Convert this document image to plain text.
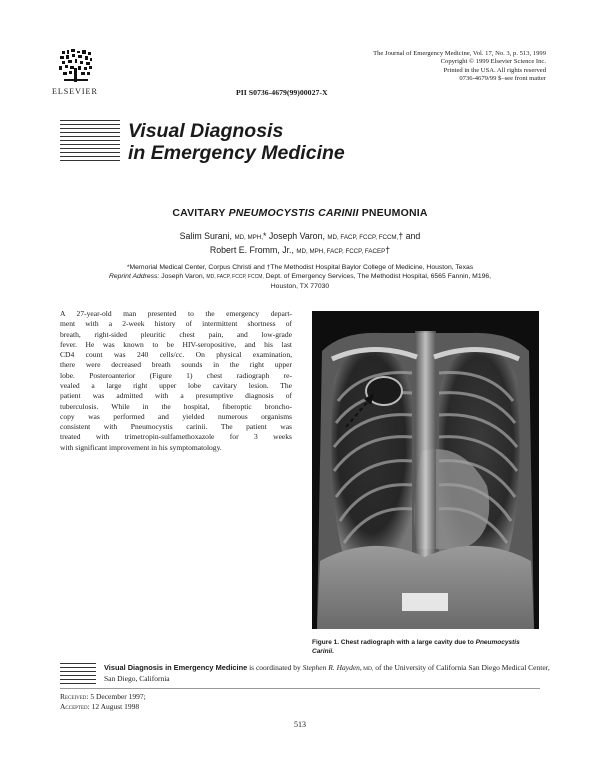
ELSEVIER
The Journal of Emergency Medicine, Vol. 17, No. 3, p. 513, 1999
Copyright © 1999 Elsevier Science Inc.
Printed in the USA. All rights reserved
0736-4679/99 $–see front matter
PII S0736-4679(99)00027-X
Visual Diagnosis
in Emergency Medicine
CAVITARY PNEUMOCYSTIS CARINII PNEUMONIA
Salim Surani, MD, MPH,* Joseph Varon, MD, FACP, FCCP, FCCM,† and
Robert E. Fromm, Jr., MD, MPH, FACP, FCCP, FACEP†
*Memorial Medical Center, Corpus Christi and †The Methodist Hospital Baylor College of Medicine, Houston, Texas
Reprint Address: Joseph Varon, MD, FACP, FCCP, FCCM, Dept. of Emergency Services, The Methodist Hospital, 6565 Fannin, M196,
Houston, TX 77030
A 27-year-old man presented to the emergency depart-
ment with a 2-week history of intermittent shortness of
breath, right-sided pleuritic chest pain, and low-grade
fever. He was known to be HIV-seropositive, and his last
CD4 count was 240 cells/cc. On physical examination,
there were decreased breath sounds in the right upper
lobe. Posteroanterior (Figure 1) chest radiograph re-
vealed a large right upper lobe cavitary lesion. The
patient was admitted with a presumptive diagnosis of
tuberculosis. While in the hospital, fiberoptic broncho-
copy was performed and yielded numerous organisms
consistent with Pneumocystis carinii. The patient was
treated with trimetropin-sulfamethoxazole for 3 weeks
with significant improvement in his symptomatology.
Figure 1. Chest radiograph with a large cavity due to Pneumocystis Carinii.
Visual Diagnosis in Emergency Medicine is coordinated by Stephen R. Hayden, MD, of the University of California San Diego Medical Center, San Diego, California
Received: 5 December 1997;
Accepted: 12 August 1998
513
